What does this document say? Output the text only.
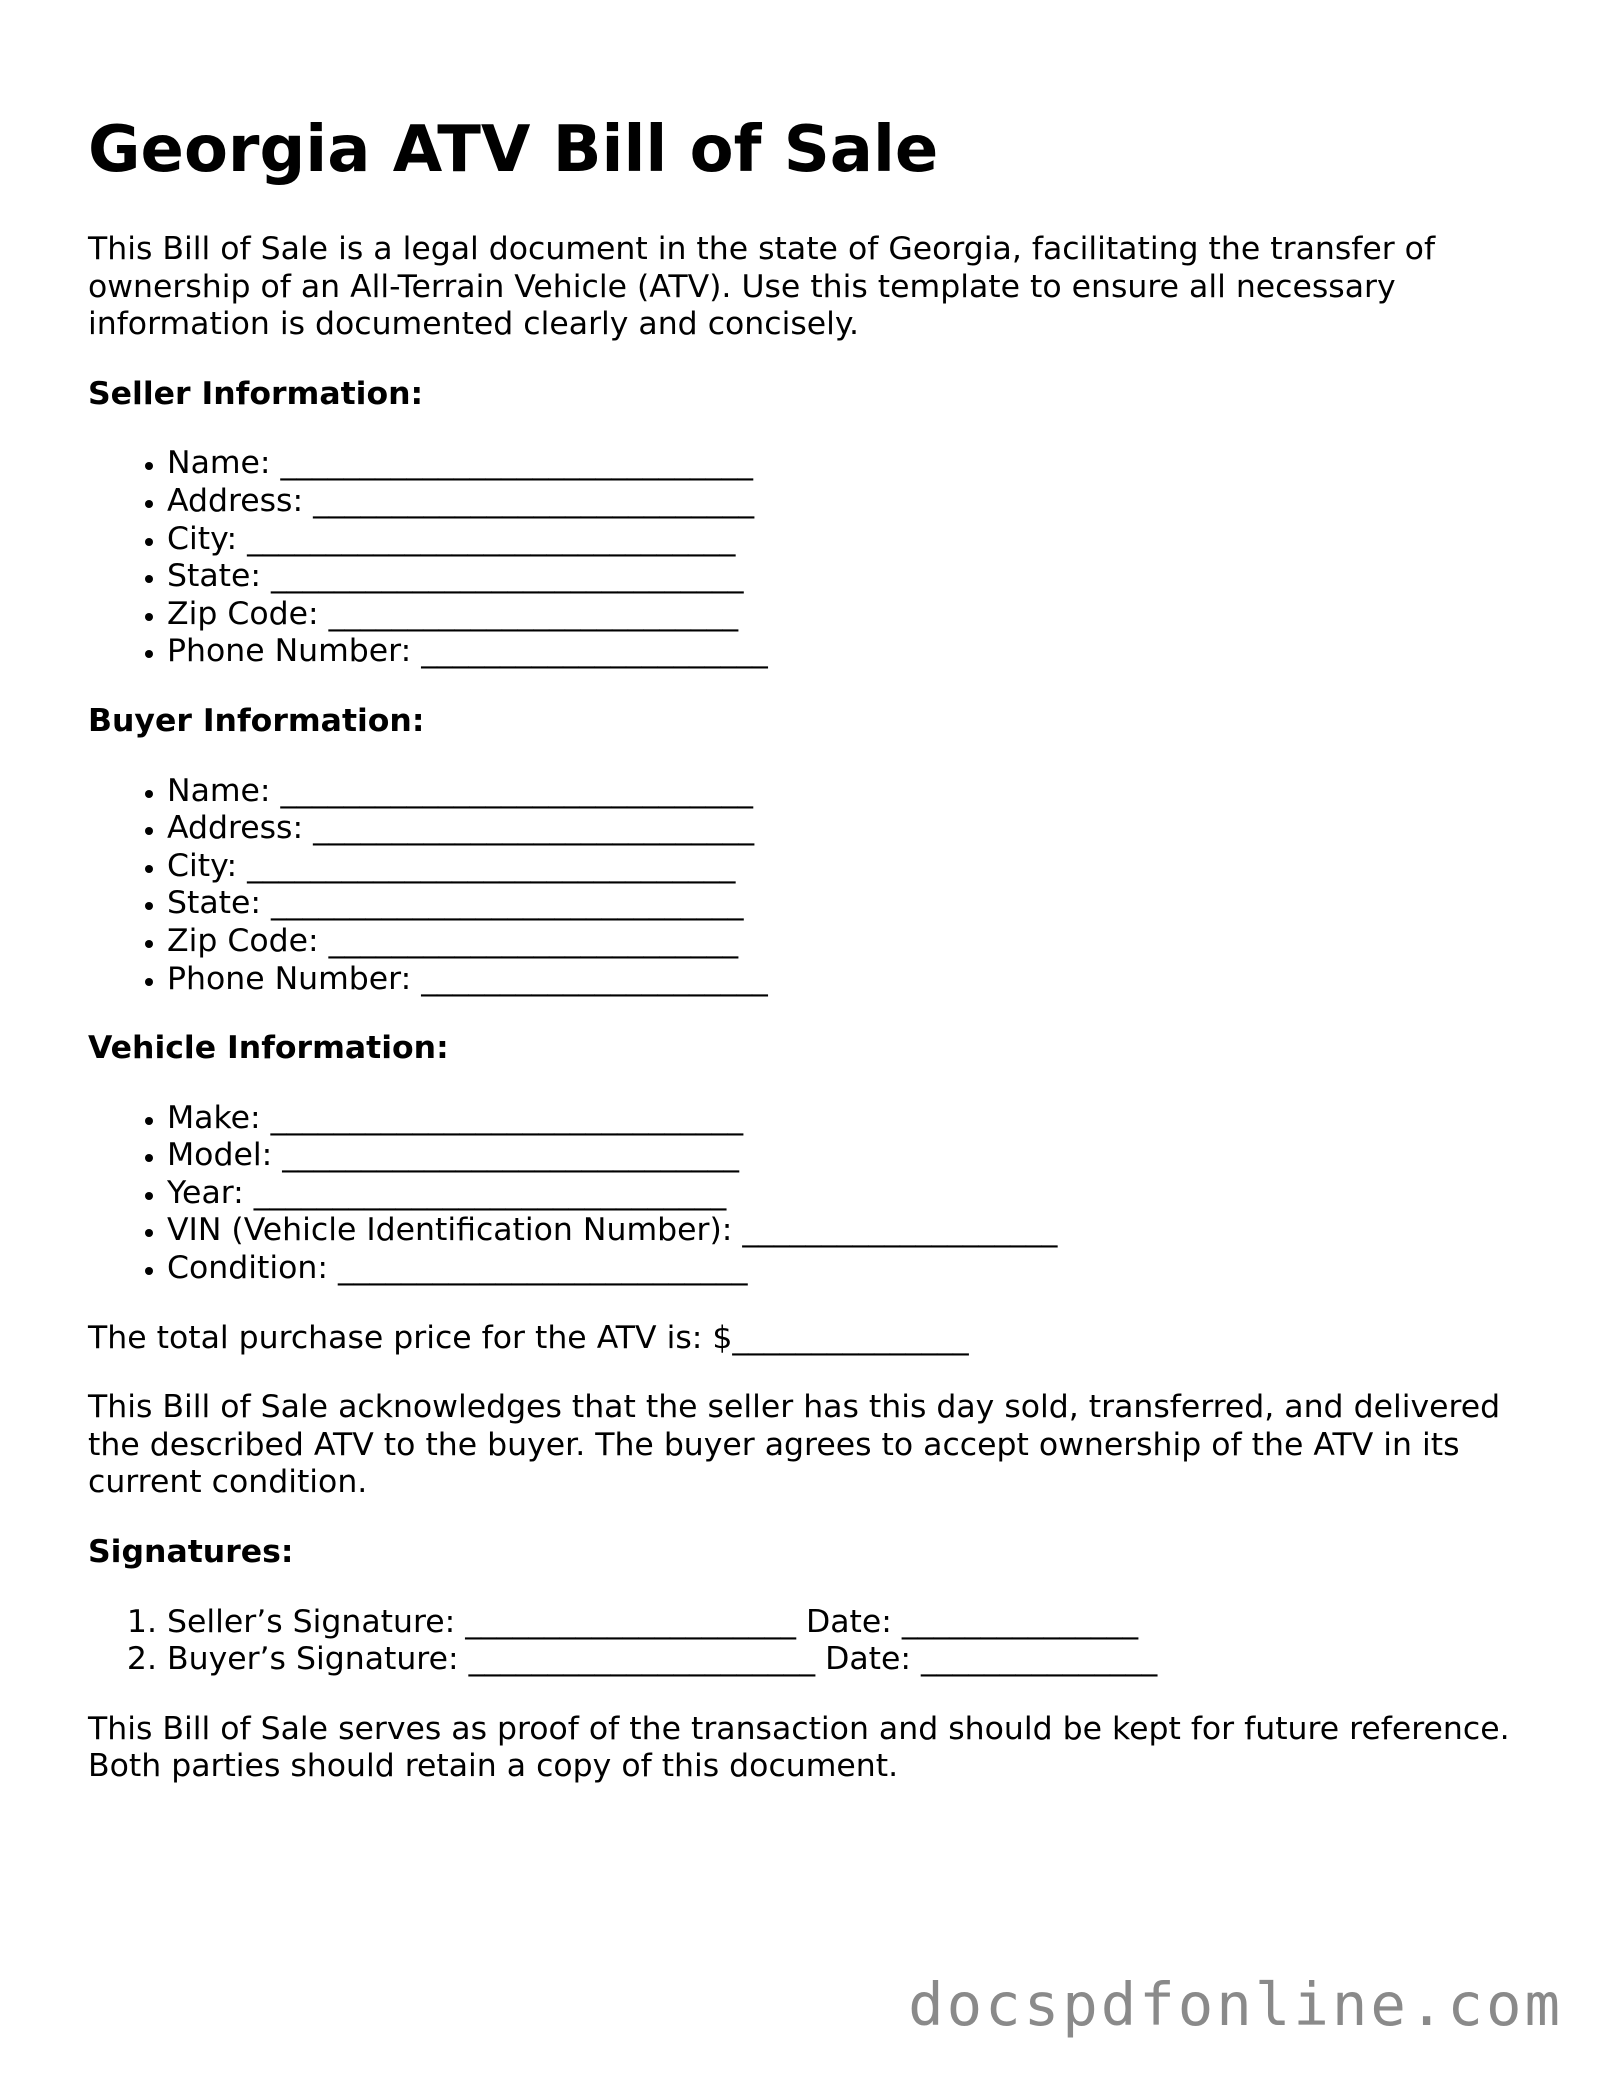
Georgia ATV Bill of Sale

This Bill of Sale is a legal document in the state of Georgia, facilitating the transfer of ownership of an All-Terrain Vehicle (ATV). Use this template to ensure all necessary information is documented clearly and concisely.

Seller Information:
• Name: ______________________________
• Address: ____________________________
• City: _______________________________
• State: ______________________________
• Zip Code: __________________________
• Phone Number: ______________________
Buyer Information:
• Name: ______________________________
• Address: ____________________________
• City: _______________________________
• State: ______________________________
• Zip Code: __________________________
• Phone Number: ______________________
Vehicle Information:
• Make: ______________________________
• Model: _____________________________
• Year: ______________________________
• VIN (Vehicle Identification Number): ____________________
• Condition: __________________________

The total purchase price for the ATV is: $_______________

This Bill of Sale acknowledges that the seller has this day sold, transferred, and delivered the described ATV to the buyer. The buyer agrees to accept ownership of the ATV in its current condition.

Signatures:
1. Seller’s Signature: _____________________ Date: _______________
2. Buyer’s Signature: ______________________ Date: _______________

This Bill of Sale serves as proof of the transaction and should be kept for future reference. Both parties should retain a copy of this document.

docspdfonline.com
